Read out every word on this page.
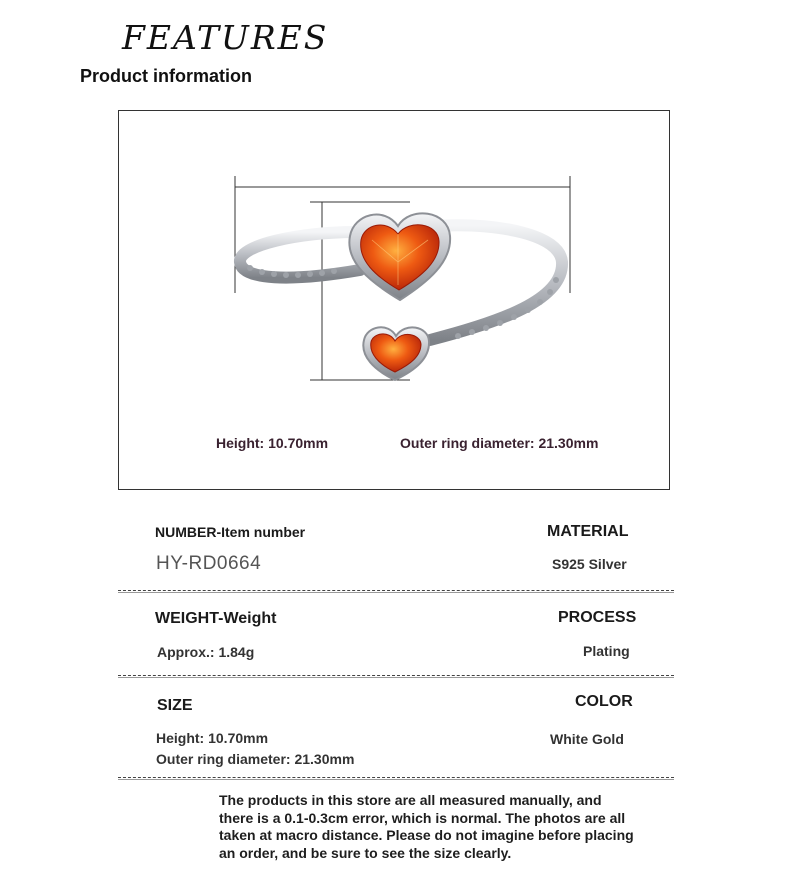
FEATURES
Product information
Height: 10.70mm	Outer ring diameter: 21.30mm
NUMBER-Item number
HY-RD0664
MATERIAL
S925 Silver
WEIGHT-Weight
Approx.: 1.84g
PROCESS
Plating
SIZE
Height: 10.70mm
Outer ring diameter: 21.30mm
COLOR
White Gold
The products in this store are all measured manually, and
there is a 0.1-0.3cm error, which is normal. The photos are all
taken at macro distance. Please do not imagine before placing
an order, and be sure to see the size clearly.
